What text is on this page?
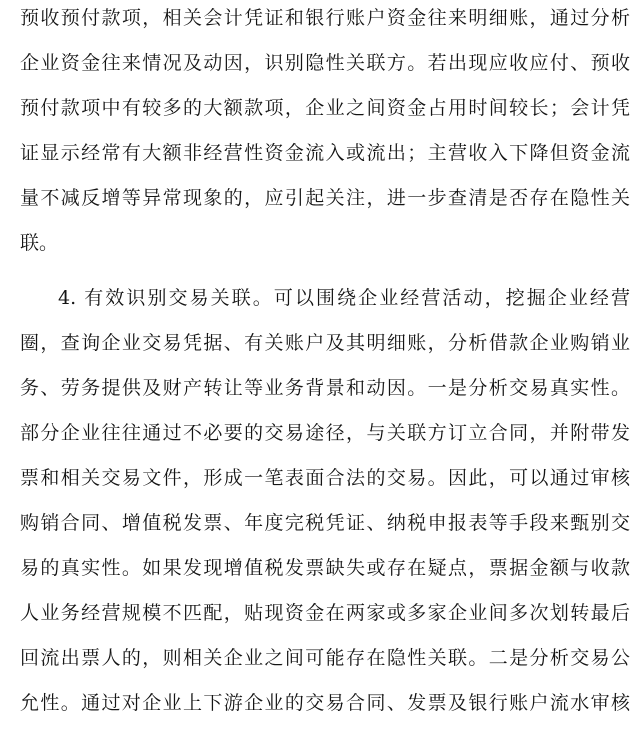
预收预付款项，相关会计凭证和银行账户资金往来明细账，通过分析
企业资金往来情况及动因，识别隐性关联方。若出现应收应付、预收
预付款项中有较多的大额款项，企业之间资金占用时间较长；会计凭
证显示经常有大额非经营性资金流入或流出；主营收入下降但资金流
量不减反增等异常现象的，应引起关注，进一步查清是否存在隐性关
联。
4. 有效识别交易关联。可以围绕企业经营活动，挖掘企业经营
圈，查询企业交易凭据、有关账户及其明细账，分析借款企业购销业
务、劳务提供及财产转让等业务背景和动因。一是分析交易真实性。
部分企业往往通过不必要的交易途径，与关联方订立合同，并附带发
票和相关交易文件，形成一笔表面合法的交易。因此，可以通过审核
购销合同、增值税发票、年度完税凭证、纳税申报表等手段来甄别交
易的真实性。如果发现增值税发票缺失或存在疑点，票据金额与收款
人业务经营规模不匹配，贴现资金在两家或多家企业间多次划转最后
回流出票人的，则相关企业之间可能存在隐性关联。二是分析交易公
允性。通过对企业上下游企业的交易合同、发票及银行账户流水审核
